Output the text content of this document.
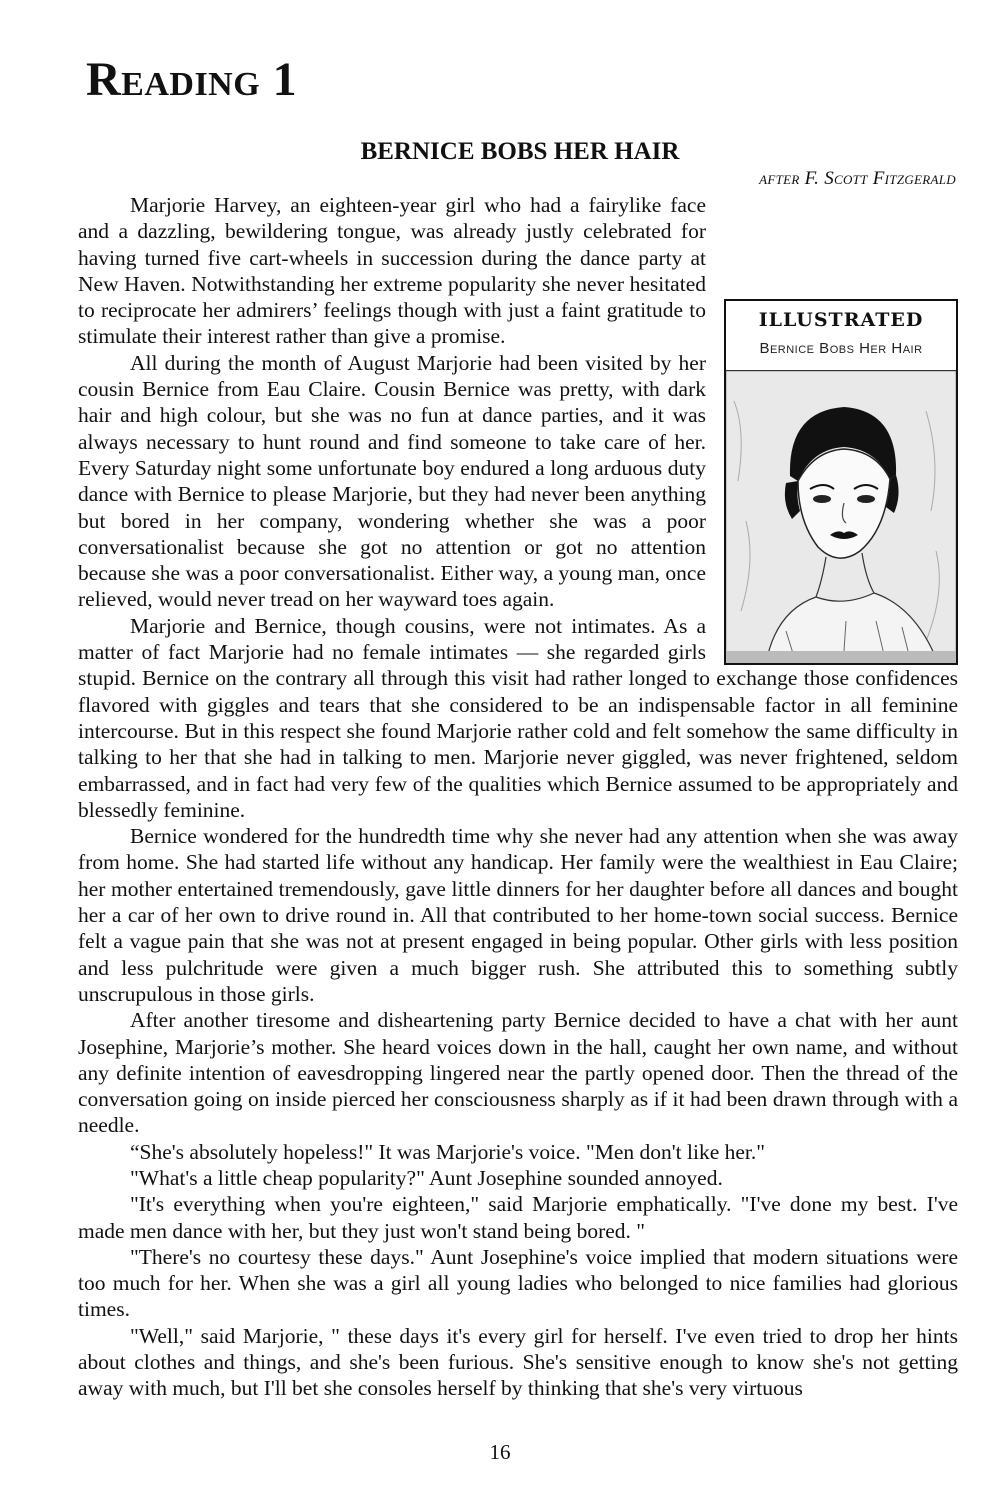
Reading 1
BERNICE BOBS HER HAIR
after F. Scott Fitzgerald
ILLUSTRATED
Bernice Bobs Her Hair

Marjorie Harvey, an eighteen-year girl who had a fairylike face and a dazzling, bewildering tongue, was already justly celebrated for having turned five cart-wheels in succession during the dance party at New Haven. Notwithstanding her extreme popularity she never hesitated to reciprocate her admirers’ feelings though with just a faint gratitude to stimulate their interest rather than give a promise.

All during the month of August Marjorie had been visited by her cousin Bernice from Eau Claire. Cousin Bernice was pretty, with dark hair and high colour, but she was no fun at dance parties, and it was always necessary to hunt round and find someone to take care of her. Every Saturday night some unfortunate boy endured a long arduous duty dance with Bernice to please Marjorie, but they had never been anything but bored in her company, wondering whether she was a poor conversationalist because she got no attention or got no attention because she was a poor conversationalist. Either way, a young man, once relieved, would never tread on her wayward toes again.

Marjorie and Bernice, though cousins, were not intimates. As a matter of fact Marjorie had no female intimates — she regarded girls stupid. Bernice on the contrary all through this visit had rather longed to exchange those confidences flavored with giggles and tears that she considered to be an indispensable factor in all feminine intercourse. But in this respect she found Marjorie rather cold and felt somehow the same difficulty in talking to her that she had in talking to men. Marjorie never giggled, was never frightened, seldom embarrassed, and in fact had very few of the qualities which Bernice assumed to be appropriately and blessedly feminine.

Bernice wondered for the hundredth time why she never had any attention when she was away from home. She had started life without any handicap. Her family were the wealthiest in Eau Claire; her mother entertained tremendously, gave little dinners for her daughter before all dances and bought her a car of her own to drive round in. All that contributed to her home-town social success. Bernice felt a vague pain that she was not at present engaged in being popular. Other girls with less position and less pulchritude were given a much bigger rush. She attributed this to something subtly unscrupulous in those girls.

After another tiresome and disheartening party Bernice decided to have a chat with her aunt Josephine, Marjorie’s mother. She heard voices down in the hall, caught her own name, and without any definite intention of eavesdropping lingered near the partly opened door. Then the thread of the conversation going on inside pierced her consciousness sharply as if it had been drawn through with a needle.

“She's absolutely hopeless!" It was Marjorie's voice. "Men don't like her."

"What's a little cheap popularity?" Aunt Josephine sounded annoyed.

"It's everything when you're eighteen," said Marjorie emphatically. "I've done my best. I've made men dance with her, but they just won't stand being bored. "

"There's no courtesy these days." Aunt Josephine's voice implied that modern situations were too much for her. When she was a girl all young ladies who belonged to nice families had glorious times.

"Well," said Marjorie, " these days it's every girl for herself. I've even tried to drop her hints about clothes and things, and she's been furious. She's sensitive enough to know she's not getting away with much, but I'll bet she consoles herself by thinking that she's very virtuous

16
